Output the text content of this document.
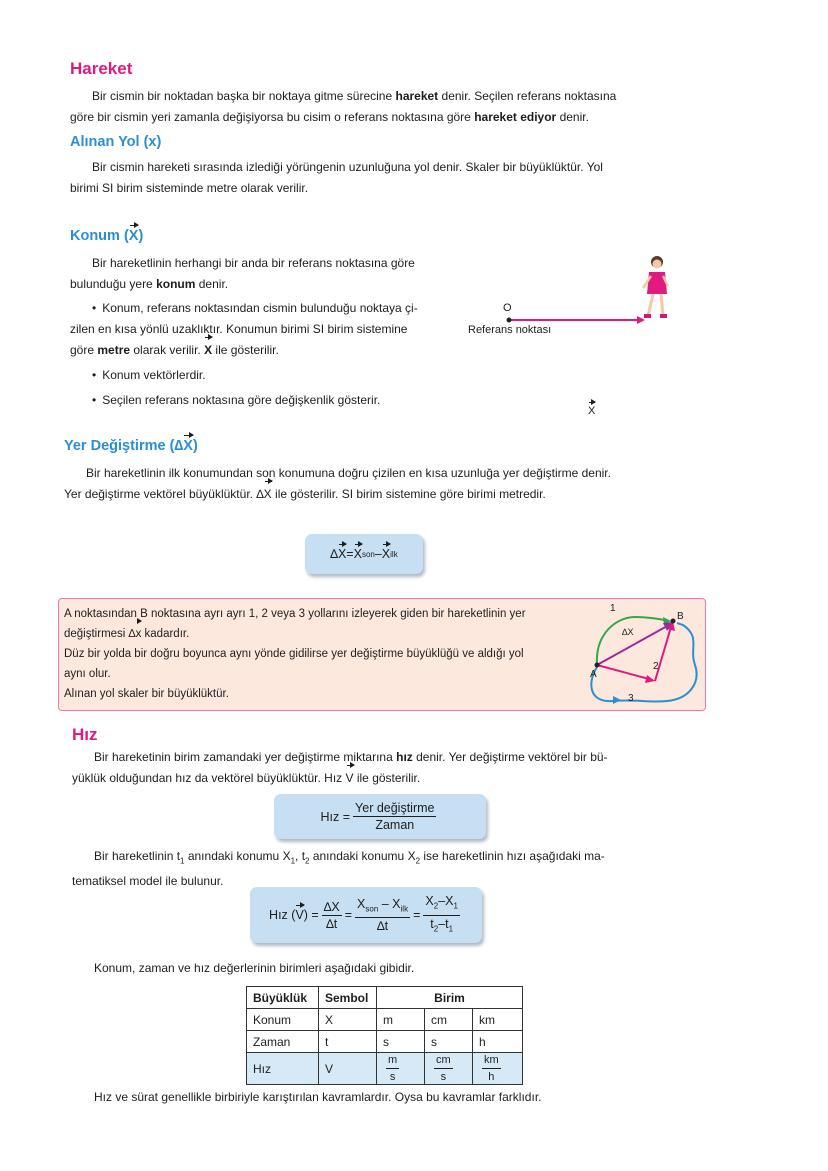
Hareket
Bir cismin bir noktadan başka bir noktaya gitme sürecine hareket denir. Seçilen referans noktasına
göre bir cismin yeri zamanla değişiyorsa bu cisim o referans noktasına göre hareket ediyor denir.
Alınan Yol (x)
Bir cismin hareketi sırasında izlediği yörüngenin uzunluğuna yol denir. Skaler bir büyüklüktür. Yol
birimi SI birim sisteminde metre olarak verilir.
Konum (X)
Bir hareketlinin herhangi bir anda bir referans noktasına göre
bulunduğu yere konum denir.
• Konum, referans noktasından cismin bulunduğu noktaya çi-
zilen en kısa yönlü uzaklıktır. Konumun birimi SI birim sistemine
göre metre olarak verilir. X ile gösterilir.
• Konum vektörlerdir.
• Seçilen referans noktasına göre değişkenlik gösterir.

O
X
Referans noktası
Yer Değiştirme (∆X)
Bir hareketlinin ilk konumundan son konumuna doğru çizilen en kısa uzunluğa yer değiştirme denir.
Yer değiştirme vektörel büyüklüktür. ∆X ile gösterilir. SI birim sistemine göre birimi metredir.
∆ X = X son – X ilk
A noktasından B noktasına ayrı ayrı 1, 2 veya 3 yollarını izleyerek giden bir hareketlinin yer
değiştirmesi ∆x kadardır.
Düz bir yolda bir doğru boyunca aynı yönde gidilirse yer değiştirme büyüklüğü ve aldığı yol
aynı olur.
Alınan yol skaler bir büyüklüktür.
A
B
1
2
3
∆X
Hız
Bir hareketinin birim zamandaki yer değiştirme miktarına hız denir. Yer değiştirme vektörel bir bü-
yüklük olduğundan hız da vektörel büyüklüktür. Hız V ile gösterilir.
Hız = $\frac{\text{Yer değiştirme}}{\text{Zaman}}$
Bir hareketlinin $t_1$ anındaki konumu $X_1$, $t_2$ anındaki konumu $X_2$ ise hareketlinin hızı aşağıdaki ma-
tematiksel model ile bulunur.
Hız ( V ) = $\frac{\Delta X}{\Delta t} = \frac{X_{son} - X_{ilk}}{\Delta t} = \frac{X_2-X_1}{t_2-t_1}$
Konum, zaman ve hız değerlerinin birimleri aşağıdaki gibidir.
Büyüklük	Sembol	Birim		
Konum	X	m	cm	km
Zaman	t	s	s	h
Hız	V	$\frac{m}{s}$	$\frac{cm}{s}$	$\frac{km}{h}$
Hız ve sürat genellikle birbiriyle karıştırılan kavramlardır. Oysa bu kavramlar farklıdır.
